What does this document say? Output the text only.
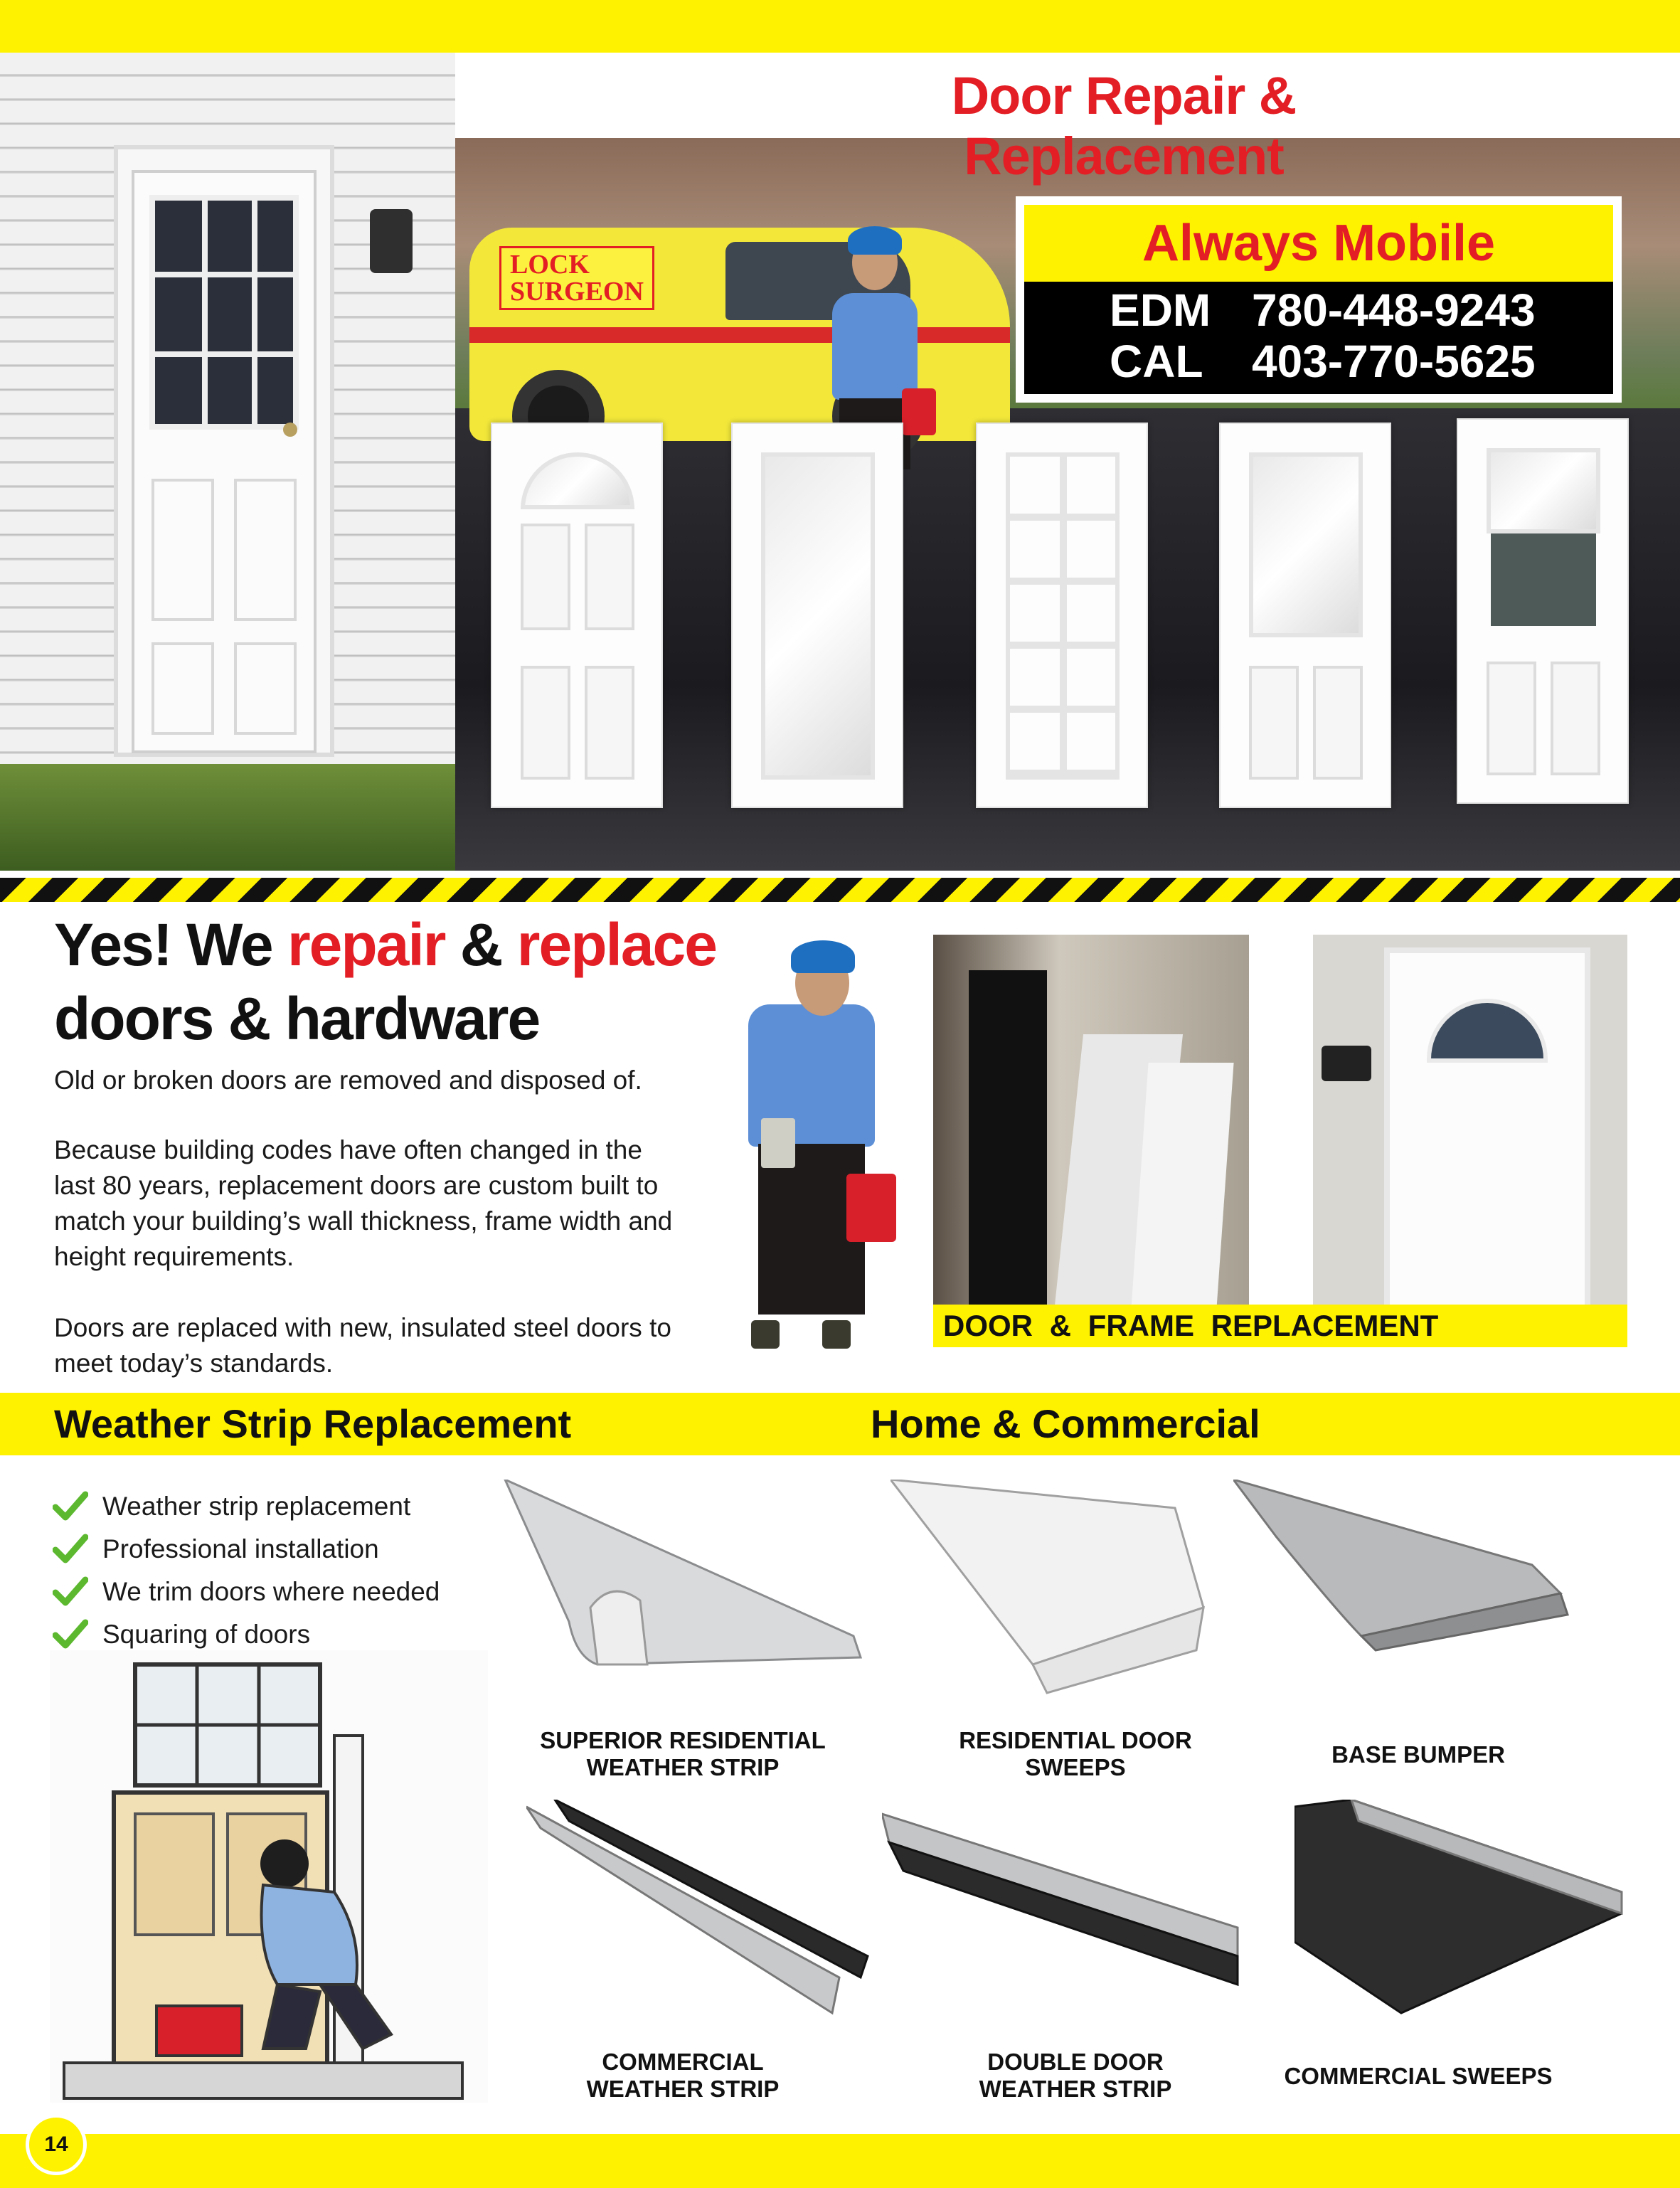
Door Repair & Replacement
LOCK
SURGEON
Always Mobile
EDM 780-448-9243
CAL 403-770-5625
Yes! We repair & replace
doors & hardware

Old or broken doors are removed and disposed of.

Because building codes have often changed in the last 80 years, replacement doors are custom built to match your building’s wall thickness, frame width and height requirements.

Doors are replaced with new, insulated steel doors to meet today’s standards.

DOOR & FRAME REPLACEMENT
Weather Strip Replacement	Home & Commercial
Weather strip replacement
Professional installation
We trim doors where needed
Squaring of doors
SUPERIOR RESIDENTIAL
WEATHER STRIP
RESIDENTIAL DOOR
SWEEPS	BASE BUMPER
COMMERCIAL
WEATHER STRIP
DOUBLE DOOR
WEATHER STRIP	COMMERCIAL SWEEPS
14
